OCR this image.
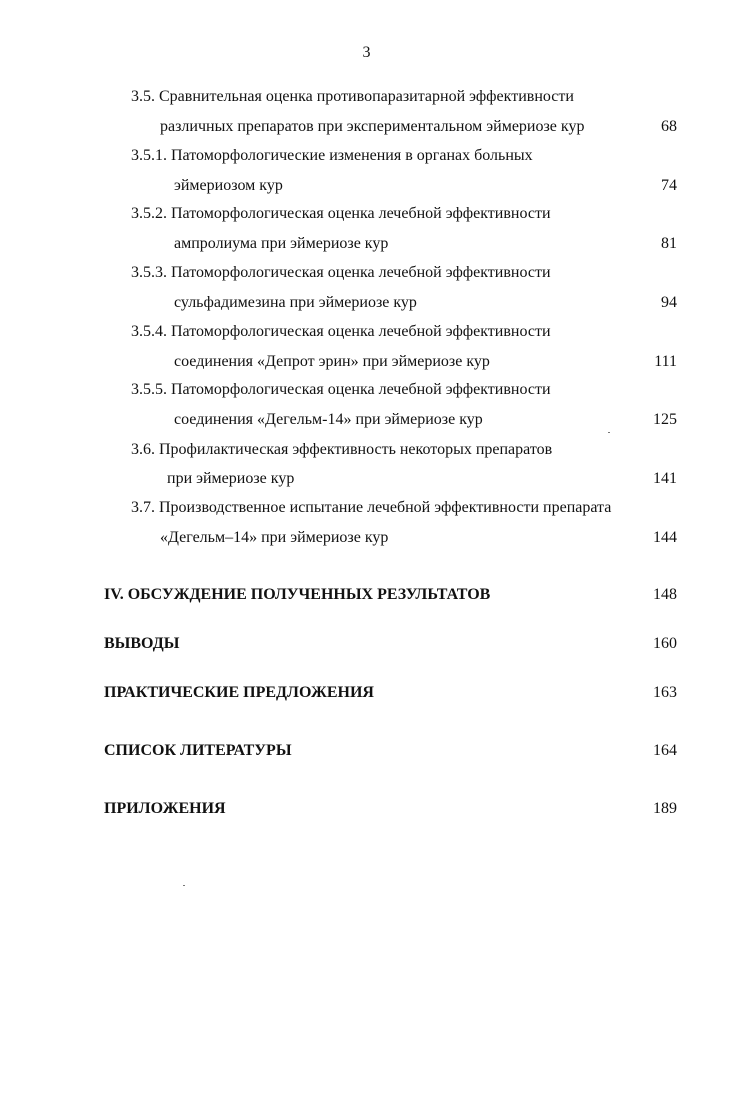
3
3.5. Сравнительная оценка противопаразитарной эффективности
различных препаратов при экспериментальном эймериозе кур	68
3.5.1. Патоморфологические изменения в органах больных
эймериозом кур	74
3.5.2. Патоморфологическая оценка лечебной эффективности
ампролиума при эймериозе кур	81
3.5.3. Патоморфологическая оценка лечебной эффективности
сульфадимезина при эймериозе кур	94
3.5.4. Патоморфологическая оценка лечебной эффективности
соединения «Депрот эрин» при эймериозе кур	111
3.5.5. Патоморфологическая оценка лечебной эффективности
соединения «Дегельм-14» при эймериозе кур	125
3.6. Профилактическая эффективность некоторых препаратов
при эймериозе кур	141
3.7. Производственное испытание лечебной эффективности препарата
«Дегельм–14» при эймериозе кур	144
IV. ОБСУЖДЕНИЕ ПОЛУЧЕННЫХ РЕЗУЛЬТАТОВ	148
ВЫВОДЫ	160
ПРАКТИЧЕСКИЕ ПРЕДЛОЖЕНИЯ	163
СПИСОК ЛИТЕРАТУРЫ	164
ПРИЛОЖЕНИЯ	189
